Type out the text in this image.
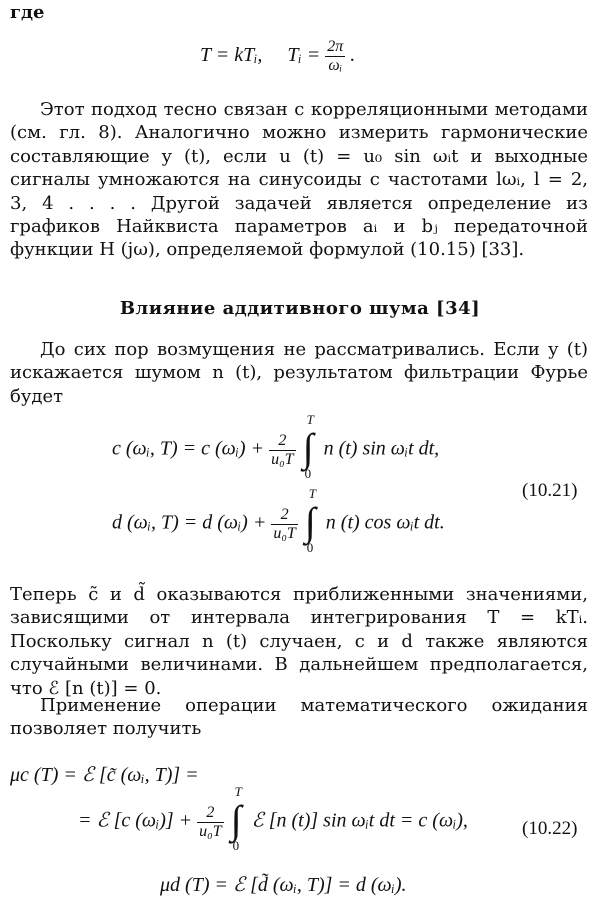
где
T = kTᵢ, Tᵢ = $\frac{2\pi}{\text{ωᵢ}}$ .
Этот подход тесно связан с корреляционными методами (см. гл. 8). Аналогично можно измерить гармонические составляющие y (t), если u (t) = u₀ sin ωᵢt и выходные сигналы умножаются на синусоиды с частотами lωᵢ, l = 2, 3, 4 . . . . Другой задачей является определение из графиков Найквиста параметров aᵢ и bⱼ передаточной функции H (jω), определяемой формулой (10.15) [33].
Влияние аддитивного шума [34]
До сих пор возмущения не рассматривались. Если y (t) искажается шумом n (t), результатом фильтрации Фурье будет
c (ωᵢ, T) = c (ωᵢ) + $\frac{2}{\text{u₀T}}$

T
∫
0
n (t) sin ωᵢt dt,
(10.21)
d (ωᵢ, T) = d (ωᵢ) + $\frac{2}{\text{u₀T}}$

T
∫
0
n (t) cos ωᵢt dt.
Теперь c̃ и d̃ оказываются приближенными значениями, зависящими от интервала интегрирования T = kTᵢ. Поскольку сигнал n (t) случаен, c и d также являются случайными величинами. В дальнейшем предполагается, что ℰ [n (t)] = 0.
Применение операции математического ожидания позволяет получить
μc (T) = ℰ [c̃ (ωᵢ, T)] =
= ℰ [c (ωᵢ)] + $\frac{2}{\text{u₀T}}$

T
∫
0
ℰ [n (t)] sin ωᵢt dt = c (ωᵢ),	(10.22)
μd (T) = ℰ [d̃ (ωᵢ, T)] = d (ωᵢ).
